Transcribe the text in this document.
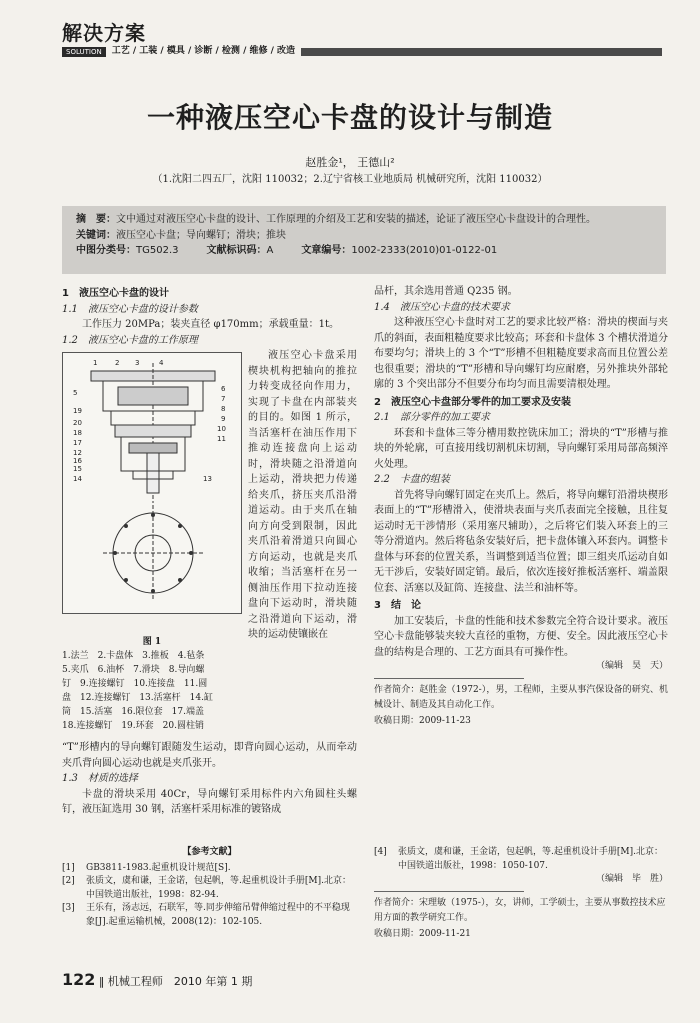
解决方案
SOLUTION	工艺 / 工装 / 模具 / 诊断 / 检测 / 维修 / 改造
一种液压空心卡盘的设计与制造
赵胜金¹， 王德山²
（1.沈阳二四五厂，沈阳 110032；2.辽宁省核工业地质局 机械研究所，沈阳 110032）
摘　要：文中通过对液压空心卡盘的设计、工作原理的介绍及工艺和安装的描述，论证了液压空心卡盘设计的合理性。
关键词：液压空心卡盘；导向螺钉；滑块；推块
中图分类号：TG502.3	文献标识码：A	文章编号：1002-2333(2010)01-0122-01
1　液压空心卡盘的设计
1.1　液压空心卡盘的设计参数

工作压力 20MPa；装夹直径 φ170mm；承载重量：1t。

1.2　液压空心卡盘的工作原理
1	2 3	4
5	6
7
8
9
10
11
12
13
14
15
16
17
18
19
20

液压空心卡盘采用楔块机构把轴向的推拉力转变成径向作用力，实现了卡盘在内部装夹的目的。如图 1 所示，当活塞杆在油压作用下推动连接盘向上运动时，滑块随之沿滑道向上运动，滑块把力传递给夹爪，挤压夹爪沿滑道运动。由于夹爪在轴向方向受到限制，因此夹爪沿着滑道只向圆心方向运动，也就是夹爪收缩；当活塞杆在另一侧油压作用下拉动连接盘向下运动时，滑块随之沿滑道向下运动，滑块的运动使镶嵌在

图 1
1.法兰　2.卡盘体　3.推板　4.毡条
5.夹爪　6.油杯　7.滑块　8.导向螺
钉　9.连接螺钉　10.连接盘　11.圆
盘　12.连接螺钉　13.活塞杆　14.缸
筒　15.活塞　16.限位套　17.端盖
18.连接螺钉　19.环套　20.圆柱销

“T”形槽内的导向螺钉跟随发生运动，即背向圆心运动，从而牵动夹爪背向圆心运动也就是夹爪张开。

1.3　材质的选择

卡盘的滑块采用 40Cr，导向螺钉采用标件内六角圆柱头螺钉，液压缸选用 30 钢，活塞杆采用标准的镀铬成

品杆，其余选用普通 Q235 钢。

1.4　液压空心卡盘的技术要求

这种液压空心卡盘时对工艺的要求比较严格：滑块的楔面与夹爪的斜面，表面粗糙度要求比较高；环套和卡盘体 3 个槽状滑道分布要均匀；滑块上的 3 个“T”形槽不但粗糙度要求高而且位置公差也很重要；滑块的“T”形槽和导向螺钉均应耐磨，另外推块外部轮廓的 3 个突出部分不但要分布均匀而且需要清根处理。

2　液压空心卡盘部分零件的加工要求及安装
2.1　部分零件的加工要求

环套和卡盘体三等分槽用数控铣床加工；滑块的“T”形槽与推块的外轮廓，可直接用线切割机床切割，导向螺钉采用局部高频淬火处理。

2.2　卡盘的组装

首先将导向螺钉固定在夹爪上。然后，将导向螺钉沿滑块楔形表面上的“T”形槽滑入，使滑块表面与夹爪表面完全接触，且往复运动时无干涉情形（采用塞尺辅助），之后将它们装入环套上的三等分滑道内。然后将毡条安装好后，把卡盘体镶入环套内。调整卡盘体与环套的位置关系，当调整到适当位置；即三组夹爪运动自如无干涉后，安装好固定销。最后，依次连接好推板活塞杆、端盖限位套、活塞以及缸筒、连接盘、法兰和油杯等。

3　结　论

加工安装后，卡盘的性能和技术参数完全符合设计要求。液压空心卡盘能够装夹较大直径的重物，方便、安全。因此液压空心卡盘的结构是合理的、工艺方面具有可操作性。

（编辑　昊　天）
作者简介：赵胜金（1972-），男，工程师，主要从事汽保设备的研究、机械设计、制造及其自动化工作。
收稿日期：2009-11-23
【参考文献】
[1]	GB3811-1983.起重机设计规范[S].
[2]	张质文，虞和谦，王金诺，包起帆，等.起重机设计手册[M].北京：中国铁道出版社，1998：82-94.
[3]	王乐有，汤志远，石联军，等.同步伸缩吊臂伸缩过程中的不平稳现象[J].起重运输机械，2008(12)：102-105.
[4]	张质文，虞和谦，王金诺，包起帆，等.起重机设计手册[M].北京：中国铁道出版社，1998：1050-107.
（编辑　毕　胜）
作者简介：宋理敏（1975-），女，讲师，工学硕士，主要从事数控技术应用方面的教学研究工作。
收稿日期：2009-11-21
122 ‖ 机械工程师　2010 年第 1 期
